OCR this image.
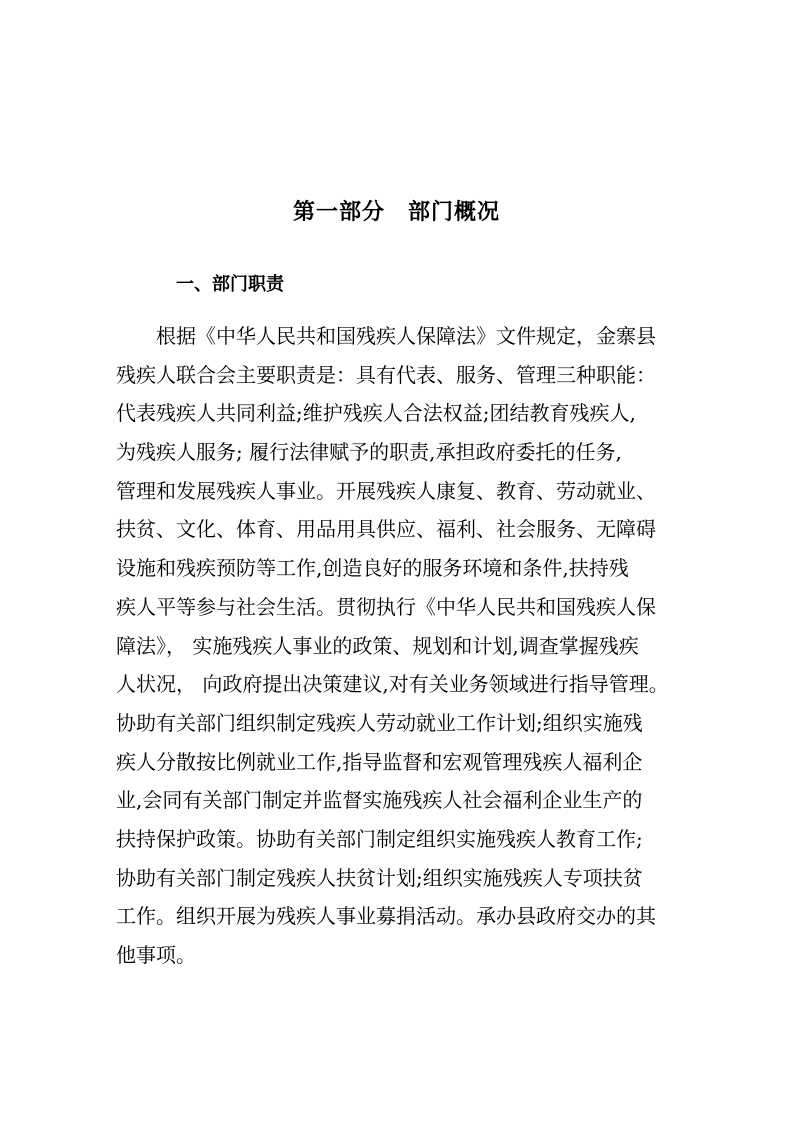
第一部分　部门概况
一、部门职责
根据《中华人民共和国残疾人保障法》文件规定，金寨县
残疾人联合会主要职责是：具有代表、服务、管理三种职能：
代表残疾人共同利益;维护残疾人合法权益;团结教育残疾人,
为残疾人服务; 履行法律赋予的职责,承担政府委托的任务,
管理和发展残疾人事业。开展残疾人康复、教育、劳动就业、
扶贫、文化、体育、用品用具供应、福利、社会服务、无障碍
设施和残疾预防等工作,创造良好的服务环境和条件,扶持残
疾人平等参与社会生活。贯彻执行《中华人民共和国残疾人保
障法》， 实施残疾人事业的政策、规划和计划,调查掌握残疾
人状况， 向政府提出决策建议,对有关业务领域进行指导管理。
协助有关部门组织制定残疾人劳动就业工作计划;组织实施残
疾人分散按比例就业工作,指导监督和宏观管理残疾人福利企
业,会同有关部门制定并监督实施残疾人社会福利企业生产的
扶持保护政策。协助有关部门制定组织实施残疾人教育工作;
协助有关部门制定残疾人扶贫计划;组织实施残疾人专项扶贫
工作。组织开展为残疾人事业募捐活动。承办县政府交办的其
他事项。
